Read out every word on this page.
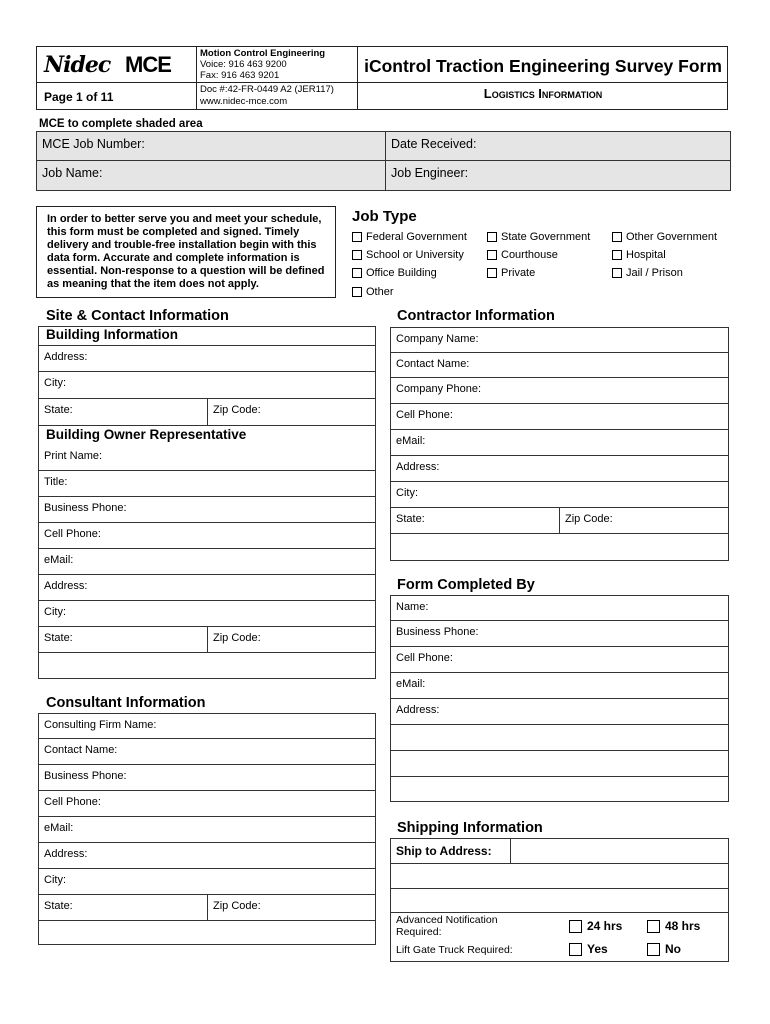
Nidec MCE
Page 1 of 11
Motion Control Engineering
Voice: 916 463 9200
Fax: 916 463 9201
Doc #:42-FR-0449 A2 (JER117)
www.nidec-mce.com
iControl Traction Engineering Survey Form
Logistics Information
MCE to complete shaded area
MCE Job Number:	Date Received:
Job Name:	Job Engineer:
In order to better serve you and meet your schedule, this form must be completed and signed. Timely delivery and trouble-free installation begin with this data form. Accurate and complete information is essential. Non-response to a question will be defined as meaning that the item does not apply.
Job Type
Federal Government	State Government	Other Government
School or University	Courthouse	Hospital
Office Building	Private	Jail / Prison
Other
Site & Contact Information
Building Information
Address:
City:
State:	Zip Code:
Building Owner Representative
Print Name:
Title:
Business Phone:
Cell Phone:
eMail:
Address:
City:
State:	Zip Code:
Consultant Information
Consulting Firm Name:
Contact Name:
Business Phone:
Cell Phone:
eMail:
Address:
City:
State:	Zip Code:
Contractor Information
Company Name:
Contact Name:
Company Phone:
Cell Phone:
eMail:
Address:
City:
State:	Zip Code:
Form Completed By
Name:
Business Phone:
Cell Phone:
eMail:
Address:
Shipping Information
Ship to Address:
Advanced Notification Required:	24 hrs	48 hrs
Lift Gate Truck Required:	Yes	No
